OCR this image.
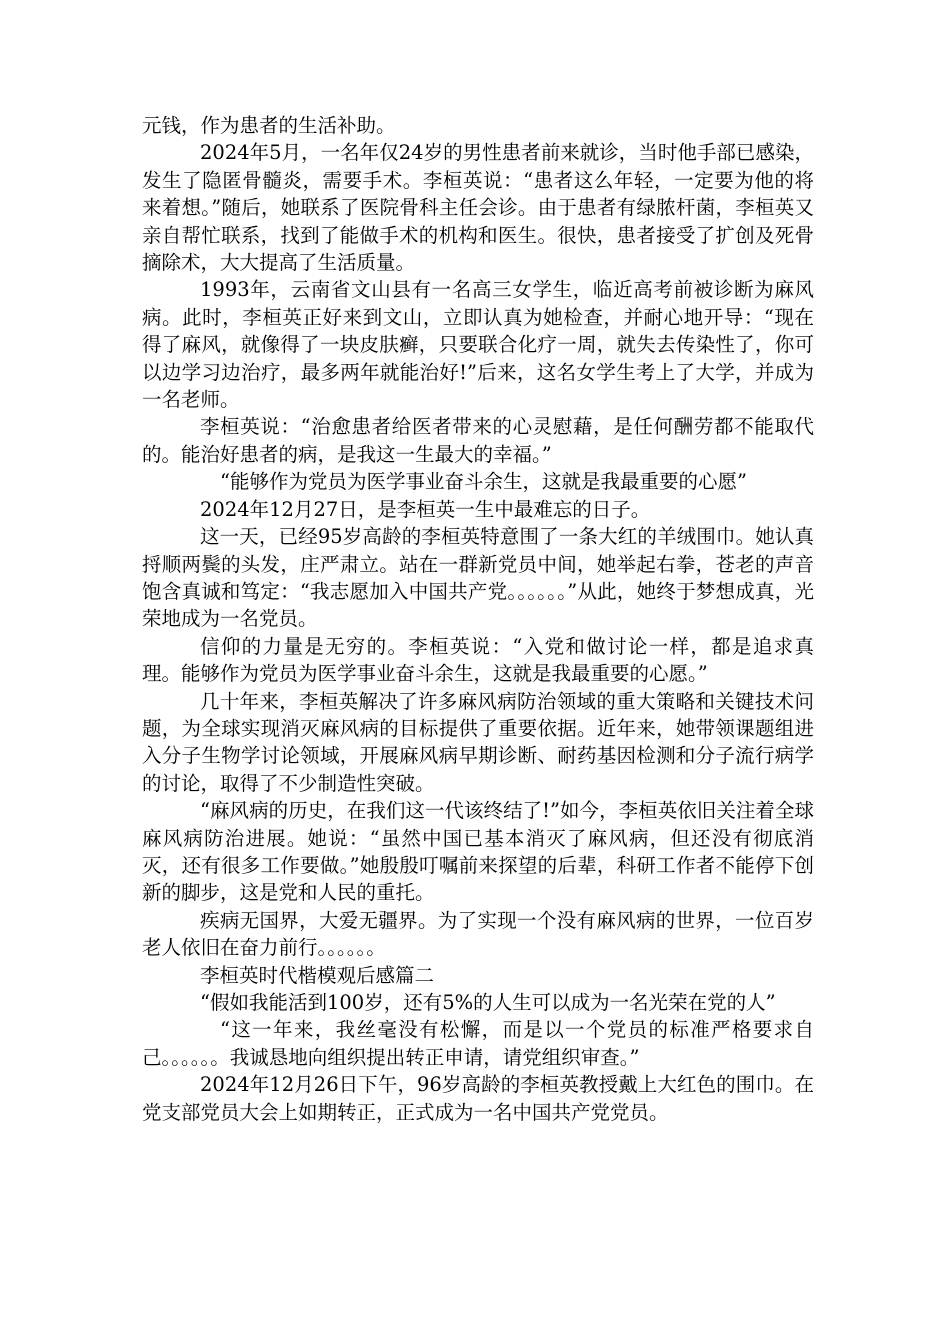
元钱，作为患者的生活补助。

2024年5月，一名年仅24岁的男性患者前来就诊，当时他手部已感染，发生了隐匿骨髓炎，需要手术。李桓英说：“患者这么年轻，一定要为他的将来着想。”随后，她联系了医院骨科主任会诊。由于患者有绿脓杆菌，李桓英又亲自帮忙联系，找到了能做手术的机构和医生。很快，患者接受了扩创及死骨摘除术，大大提高了生活质量。

1993年，云南省文山县有一名高三女学生，临近高考前被诊断为麻风病。此时，李桓英正好来到文山，立即认真为她检查，并耐心地开导：“现在得了麻风，就像得了一块皮肤癣，只要联合化疗一周，就失去传染性了，你可以边学习边治疗，最多两年就能治好!”后来，这名女学生考上了大学，并成为一名老师。

李桓英说：“治愈患者给医者带来的心灵慰藉，是任何酬劳都不能取代的。能治好患者的病，是我这一生最大的幸福。”

“能够作为党员为医学事业奋斗余生，这就是我最重要的心愿”

2024年12月27日，是李桓英一生中最难忘的日子。

这一天，已经95岁高龄的李桓英特意围了一条大红的羊绒围巾。她认真捋顺两鬓的头发，庄严肃立。站在一群新党员中间，她举起右拳，苍老的声音饱含真诚和笃定：“我志愿加入中国共产党。。。。。。”从此，她终于梦想成真，光荣地成为一名党员。

信仰的力量是无穷的。李桓英说：“入党和做讨论一样，都是追求真理。能够作为党员为医学事业奋斗余生，这就是我最重要的心愿。”

几十年来，李桓英解决了许多麻风病防治领域的重大策略和关键技术问题，为全球实现消灭麻风病的目标提供了重要依据。近年来，她带领课题组进入分子生物学讨论领域，开展麻风病早期诊断、耐药基因检测和分子流行病学的讨论，取得了不少制造性突破。

“麻风病的历史，在我们这一代该终结了!”如今，李桓英依旧关注着全球麻风病防治进展。她说：“虽然中国已基本消灭了麻风病，但还没有彻底消灭，还有很多工作要做。”她殷殷叮嘱前来探望的后辈，科研工作者不能停下创新的脚步，这是党和人民的重托。

疾病无国界，大爱无疆界。为了实现一个没有麻风病的世界，一位百岁老人依旧在奋力前行。。。。。。

李桓英时代楷模观后感篇二

“假如我能活到100岁，还有5%的人生可以成为一名光荣在党的人”

“这一年来，我丝毫没有松懈，而是以一个党员的标准严格要求自己。。。。。。我诚恳地向组织提出转正申请，请党组织审查。”

2024年12月26日下午，96岁高龄的李桓英教授戴上大红色的围巾。在党支部党员大会上如期转正，正式成为一名中国共产党党员。
